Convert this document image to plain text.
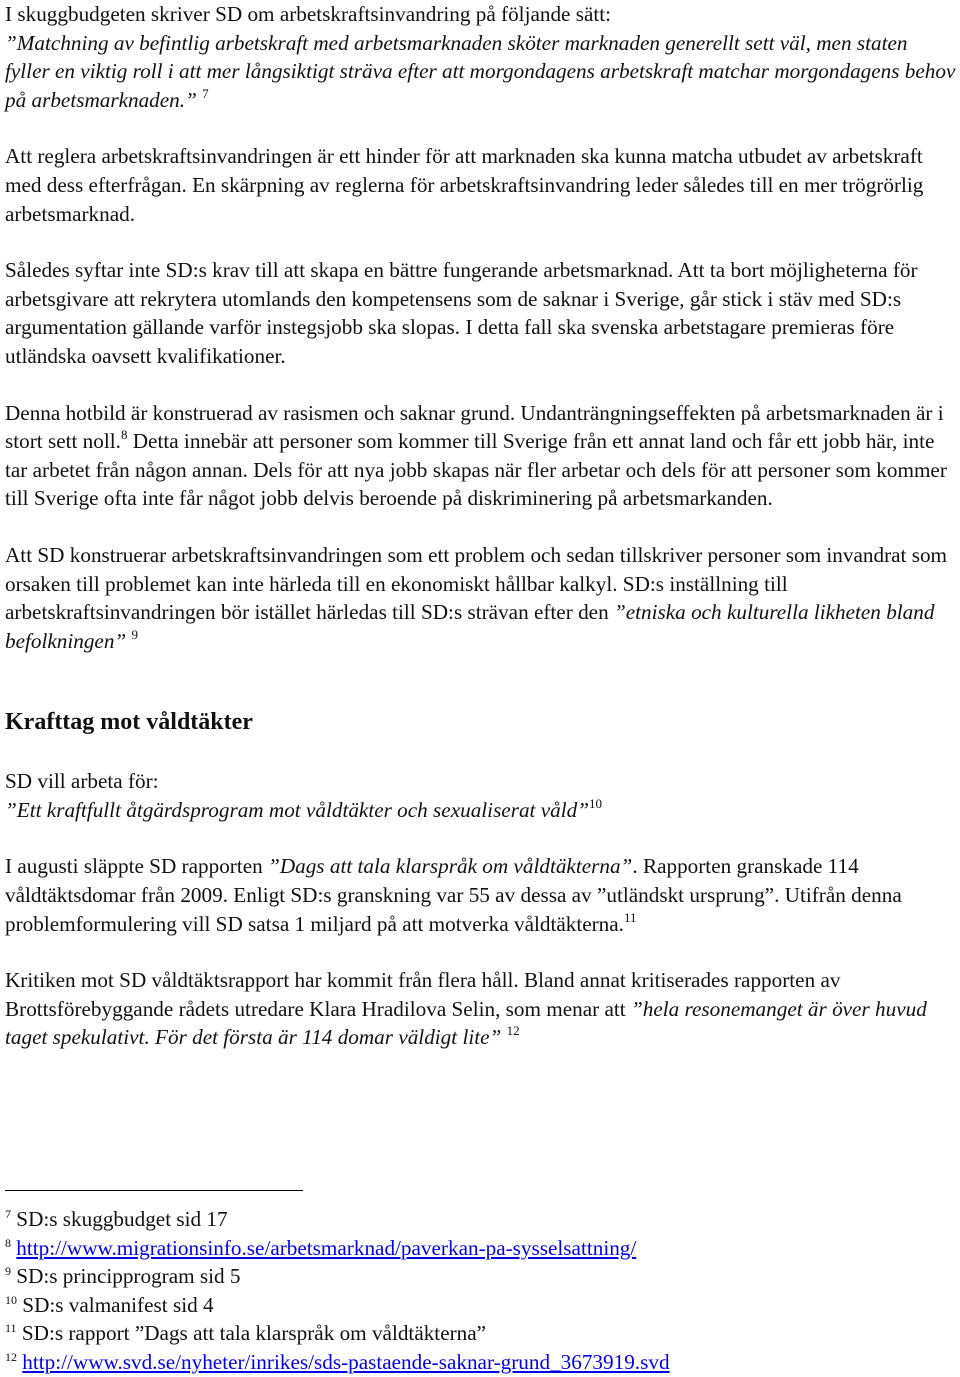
I skuggbudgeten skriver SD om arbetskraftsinvandring på följande sätt:
”Matchning av befintlig arbetskraft med arbetsmarknaden sköter marknaden generellt sett väl, men staten fyller en viktig roll i att mer långsiktigt sträva efter att morgondagens arbetskraft matchar morgondagens behov på arbetsmarknaden.” $^7$

Att reglera arbetskraftsinvandringen är ett hinder för att marknaden ska kunna matcha utbudet av arbetskraft med dess efterfrågan. En skärpning av reglerna för arbetskraftsinvandring leder således till en mer trögrörlig arbetsmarknad.

Således syftar inte SD:s krav till att skapa en bättre fungerande arbetsmarknad. Att ta bort möjligheterna för arbetsgivare att rekrytera utomlands den kompetensens som de saknar i Sverige, går stick i stäv med SD:s argumentation gällande varför instegsjobb ska slopas. I detta fall ska svenska arbetstagare premieras före utländska oavsett kvalifikationer.

Denna hotbild är konstruerad av rasismen och saknar grund. Undanträngningseffekten på arbetsmarknaden är i stort sett noll.$^8$ Detta innebär att personer som kommer till Sverige från ett annat land och får ett jobb här, inte tar arbetet från någon annan. Dels för att nya jobb skapas när fler arbetar och dels för att personer som kommer till Sverige ofta inte får något jobb delvis beroende på diskriminering på arbetsmarkanden.

Att SD konstruerar arbetskraftsinvandringen som ett problem och sedan tillskriver personer som invandrat som orsaken till problemet kan inte härleda till en ekonomiskt hållbar kalkyl. SD:s inställning till arbetskraftsinvandringen bör istället härledas till SD:s strävan efter den ”etniska och kulturella likheten bland befolkningen” $^9$

Krafttag mot våldtäkter

SD vill arbeta för:
”Ett kraftfullt åtgärdsprogram mot våldtäkter och sexualiserat våld”$^{10}$

I augusti släppte SD rapporten ”Dags att tala klarspråk om våldtäkterna”. Rapporten granskade 114 våldtäktsdomar från 2009. Enligt SD:s granskning var 55 av dessa av ”utländskt ursprung”. Utifrån denna problemformulering vill SD satsa 1 miljard på att motverka våldtäkterna.$^{11}$

Kritiken mot SD våldtäktsrapport har kommit från flera håll. Bland annat kritiserades rapporten av Brottsförebyggande rådets utredare Klara Hradilova Selin, som menar att ”hela resonemanget är över huvud taget spekulativt. För det första är 114 domar väldigt lite” $^{12}$

$^7$ SD:s skuggbudget sid 17

$^8$ http://www.migrationsinfo.se/arbetsmarknad/paverkan-pa-sysselsattning/

$^9$ SD:s principprogram sid 5

$^{10}$ SD:s valmanifest sid 4

$^{11}$ SD:s rapport ”Dags att tala klarspråk om våldtäkterna”

$^{12}$ http://www.svd.se/nyheter/inrikes/sds-pastaende-saknar-grund_3673919.svd
